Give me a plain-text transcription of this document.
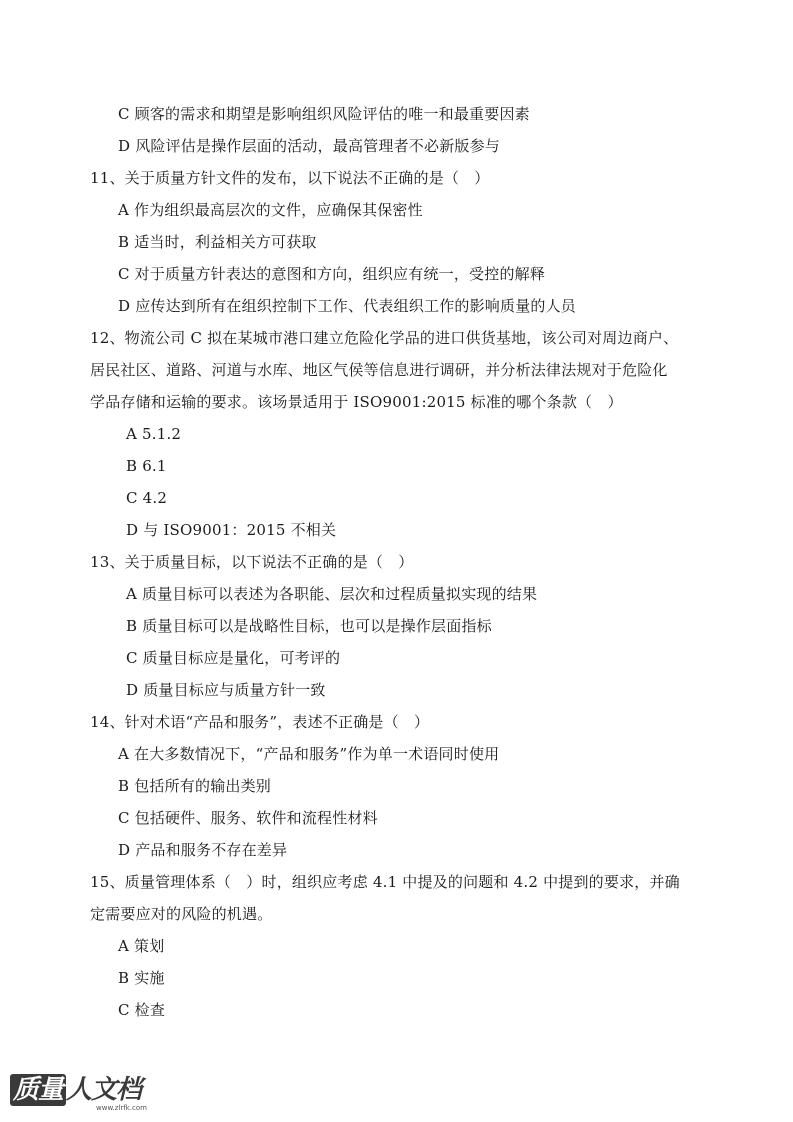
C 顾客的需求和期望是影响组织风险评估的唯一和最重要因素
D 风险评估是操作层面的活动，最高管理者不必新版参与
11、关于质量方针文件的发布，以下说法不正确的是（　）
A 作为组织最高层次的文件，应确保其保密性
B 适当时，利益相关方可获取
C 对于质量方针表达的意图和方向，组织应有统一，受控的解释
D 应传达到所有在组织控制下工作、代表组织工作的影响质量的人员
12、物流公司 C 拟在某城市港口建立危险化学品的进口供货基地，该公司对周边商户、
居民社区、道路、河道与水库、地区气侯等信息进行调研，并分析法律法规对于危险化
学品存储和运输的要求。该场景适用于 ISO9001:2015 标准的哪个条款（　）
A 5.1.2
B 6.1
C 4.2
D 与 ISO9001：2015 不相关
13、关于质量目标，以下说法不正确的是（　）
A 质量目标可以表述为各职能、层次和过程质量拟实现的结果
B 质量目标可以是战略性目标，也可以是操作层面指标
C 质量目标应是量化，可考评的
D 质量目标应与质量方针一致
14、针对术语“产品和服务”，表述不正确是（　）
A 在大多数情况下，“产品和服务”作为单一术语同时使用
B 包括所有的输出类别
C 包括硬件、服务、软件和流程性材料
D 产品和服务不存在差异
15、质量管理体系（　）时，组织应考虑 4.1 中提及的问题和 4.2 中提到的要求，并确
定需要应对的风险的机遇。
A 策划
B 实施
C 检查
质量 人文档
www.zlrfk.com
